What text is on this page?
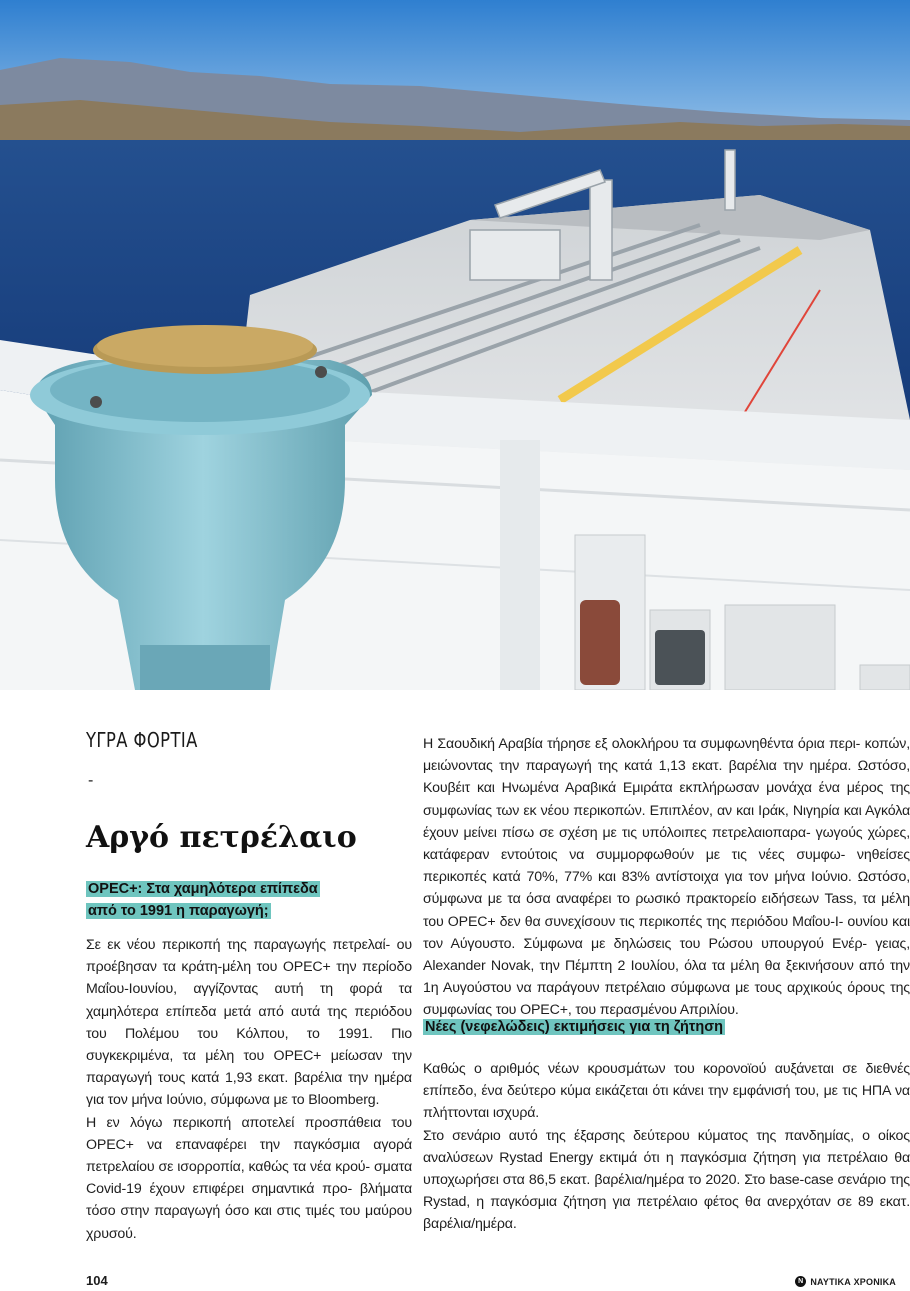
ΥΓΡΑ ΦΟΡΤΙΑ
-
Αργό πετρέλαιο
OPEC+: Στα χαμηλότερα επίπεδα από το 1991 η παραγωγή;

Σε εκ νέου περικοπή της παραγωγής πετρελαί- ου προέβησαν τα κράτη-μέλη του OPEC+ την περίοδο Μαΐου-Ιουνίου, αγγίζοντας αυτή τη φορά τα χαμηλότερα επίπεδα μετά από αυτά της περιόδου του Πολέμου του Κόλπου, το 1991. Πιο συγκεκριμένα, τα μέλη του OPEC+ μείωσαν την παραγωγή τους κατά 1,93 εκατ. βαρέλια την ημέρα για τον μήνα Ιούνιο, σύμφωνα με το Bloomberg.

Η εν λόγω περικοπή αποτελεί προσπάθεια του OPEC+ να επαναφέρει την παγκόσμια αγορά πετρελαίου σε ισορροπία, καθώς τα νέα κρού- σματα Covid-19 έχουν επιφέρει σημαντικά προ- βλήματα τόσο στην παραγωγή όσο και στις τιμές του μαύρου χρυσού.

Η Σαουδική Αραβία τήρησε εξ ολοκλήρου τα συμφωνηθέντα όρια περι- κοπών, μειώνοντας την παραγωγή της κατά 1,13 εκατ. βαρέλια την ημέρα. Ωστόσο, Κουβέιτ και Ηνωμένα Αραβικά Εμιράτα εκπλήρωσαν μονάχα ένα μέρος της συμφωνίας των εκ νέου περικοπών. Επιπλέον, αν και Ιράκ, Νιγηρία και Αγκόλα έχουν μείνει πίσω σε σχέση με τις υπόλοιπες πετρελαιοπαρα- γωγούς χώρες, κατάφεραν εντούτοις να συμμορφωθούν με τις νέες συμφω- νηθείσες περικοπές κατά 70%, 77% και 83% αντίστοιχα για τον μήνα Ιούνιο. Ωστόσο, σύμφωνα με τα όσα αναφέρει το ρωσικό πρακτορείο ειδήσεων Tass, τα μέλη του OPEC+ δεν θα συνεχίσουν τις περικοπές της περιόδου Μαΐου-Ι- ουνίου και τον Αύγουστο. Σύμφωνα με δηλώσεις του Ρώσου υπουργού Ενέρ- γειας, Alexander Novak, την Πέμπτη 2 Ιουλίου, όλα τα μέλη θα ξεκινήσουν από την 1η Αυγούστου να παράγουν πετρέλαιο σύμφωνα με τους αρχικούς όρους της συμφωνίας του OPEC+, του περασμένου Απριλίου.

Νέες (νεφελώδεις) εκτιμήσεις για τη ζήτηση

Καθώς ο αριθμός νέων κρουσμάτων του κορονοϊού αυξάνεται σε διεθνές επίπεδο, ένα δεύτερο κύμα εικάζεται ότι κάνει την εμφάνισή του, με τις ΗΠΑ να πλήττονται ισχυρά.

Στο σενάριο αυτό της έξαρσης δεύτερου κύματος της πανδημίας, ο οίκος αναλύσεων Rystad Energy εκτιμά ότι η παγκόσμια ζήτηση για πετρέλαιο θα υποχωρήσει στα 86,5 εκατ. βαρέλια/ημέρα το 2020. Στο base-case σενάριο της Rystad, η παγκόσμια ζήτηση για πετρέλαιο φέτος θα ανερχόταν σε 89 εκατ. βαρέλια/ημέρα.

104	N ΝΑΥΤΙΚΑ ΧΡΟΝΙΚΑ
